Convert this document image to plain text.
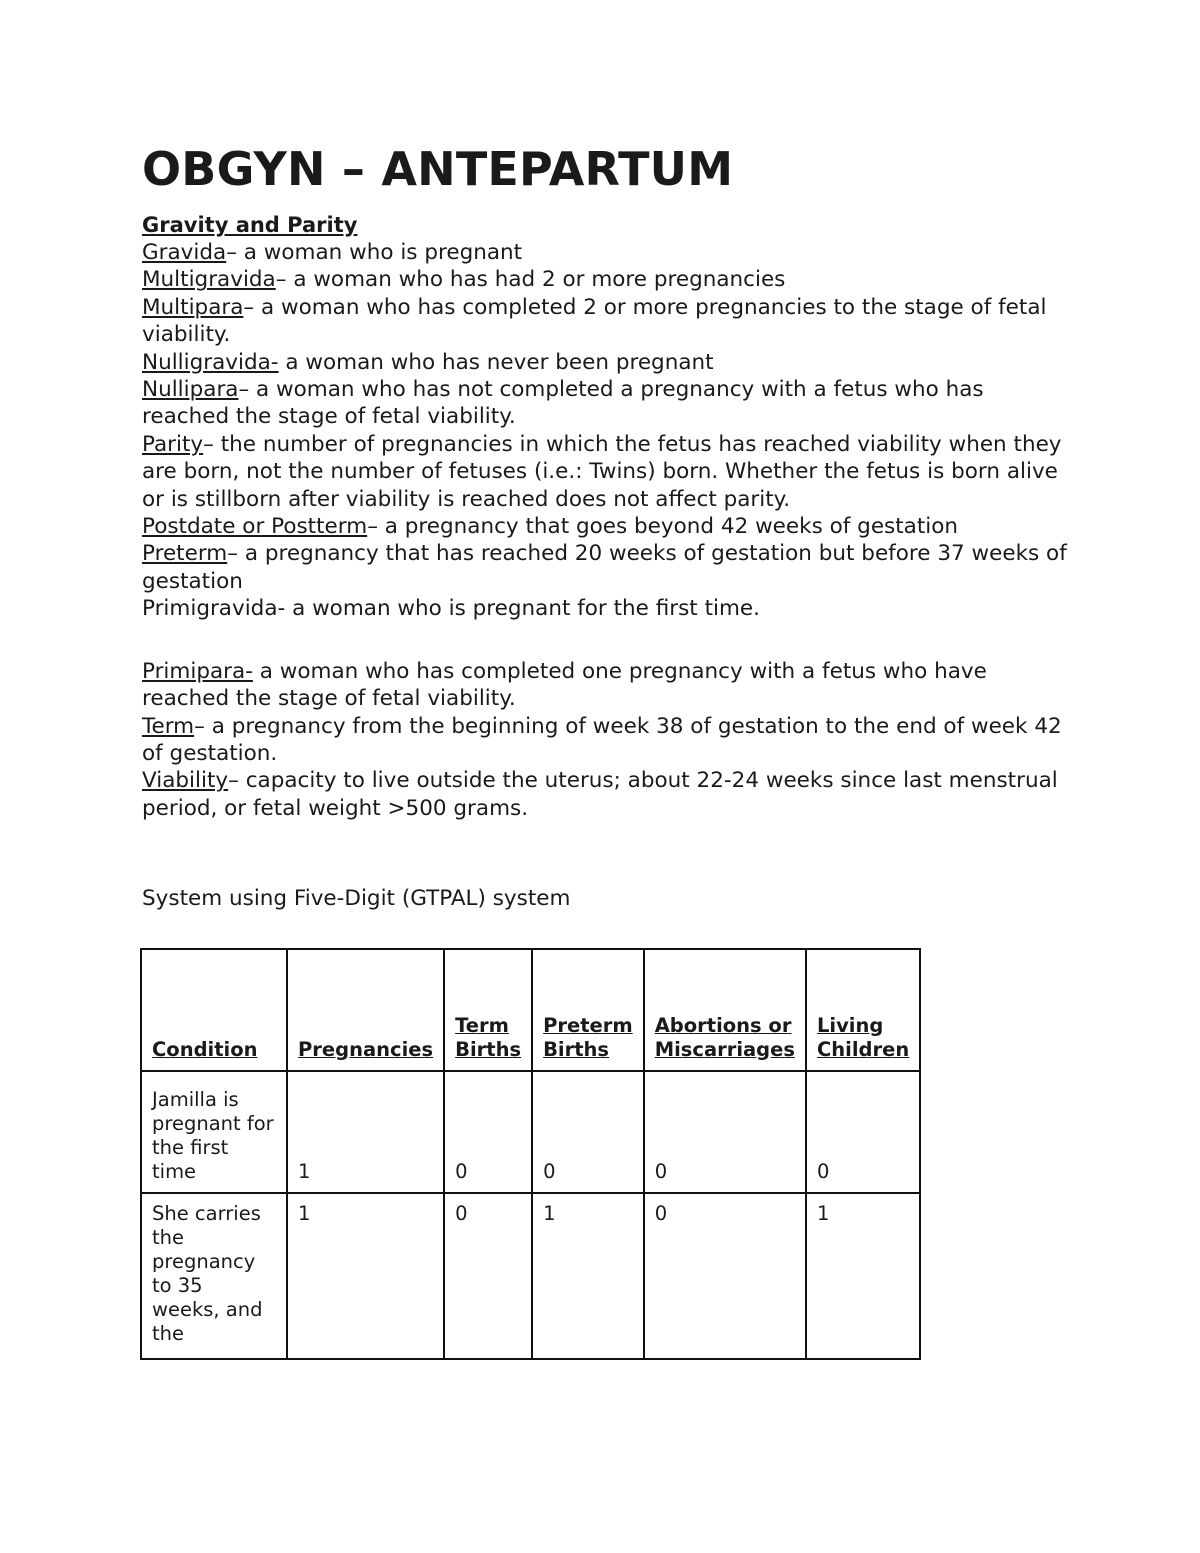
OBGYN – ANTEPARTUM
Gravity and Parity
Gravida– a woman who is pregnant
Multigravida– a woman who has had 2 or more pregnancies
Multipara– a woman who has completed 2 or more pregnancies to the stage of fetal viability.
Nulligravida- a woman who has never been pregnant
Nullipara– a woman who has not completed a pregnancy with a fetus who has reached the stage of fetal viability.
Parity– the number of pregnancies in which the fetus has reached viability when they are born, not the number of fetuses (i.e.: Twins) born. Whether the fetus is born alive or is stillborn after viability is reached does not affect parity.
Postdate or Postterm– a pregnancy that goes beyond 42 weeks of gestation
Preterm– a pregnancy that has reached 20 weeks of gestation but before 37 weeks of gestation
Primigravida- a woman who is pregnant for the first time.
Primipara- a woman who has completed one pregnancy with a fetus who have reached the stage of fetal viability.
Term– a pregnancy from the beginning of week 38 of gestation to the end of week 42 of gestation.
Viability– capacity to live outside the uterus; about 22-24 weeks since last menstrual period, or fetal weight >500 grams.
System using Five-Digit (GTPAL) system
Condition	Pregnancies	Term Births	Preterm Births	Abortions or Miscarriages	Living Children
Jamilla is pregnant for the first time	1	0	0	0	0
She carries the pregnancy to 35 weeks, and the	1	0	1	0	1
